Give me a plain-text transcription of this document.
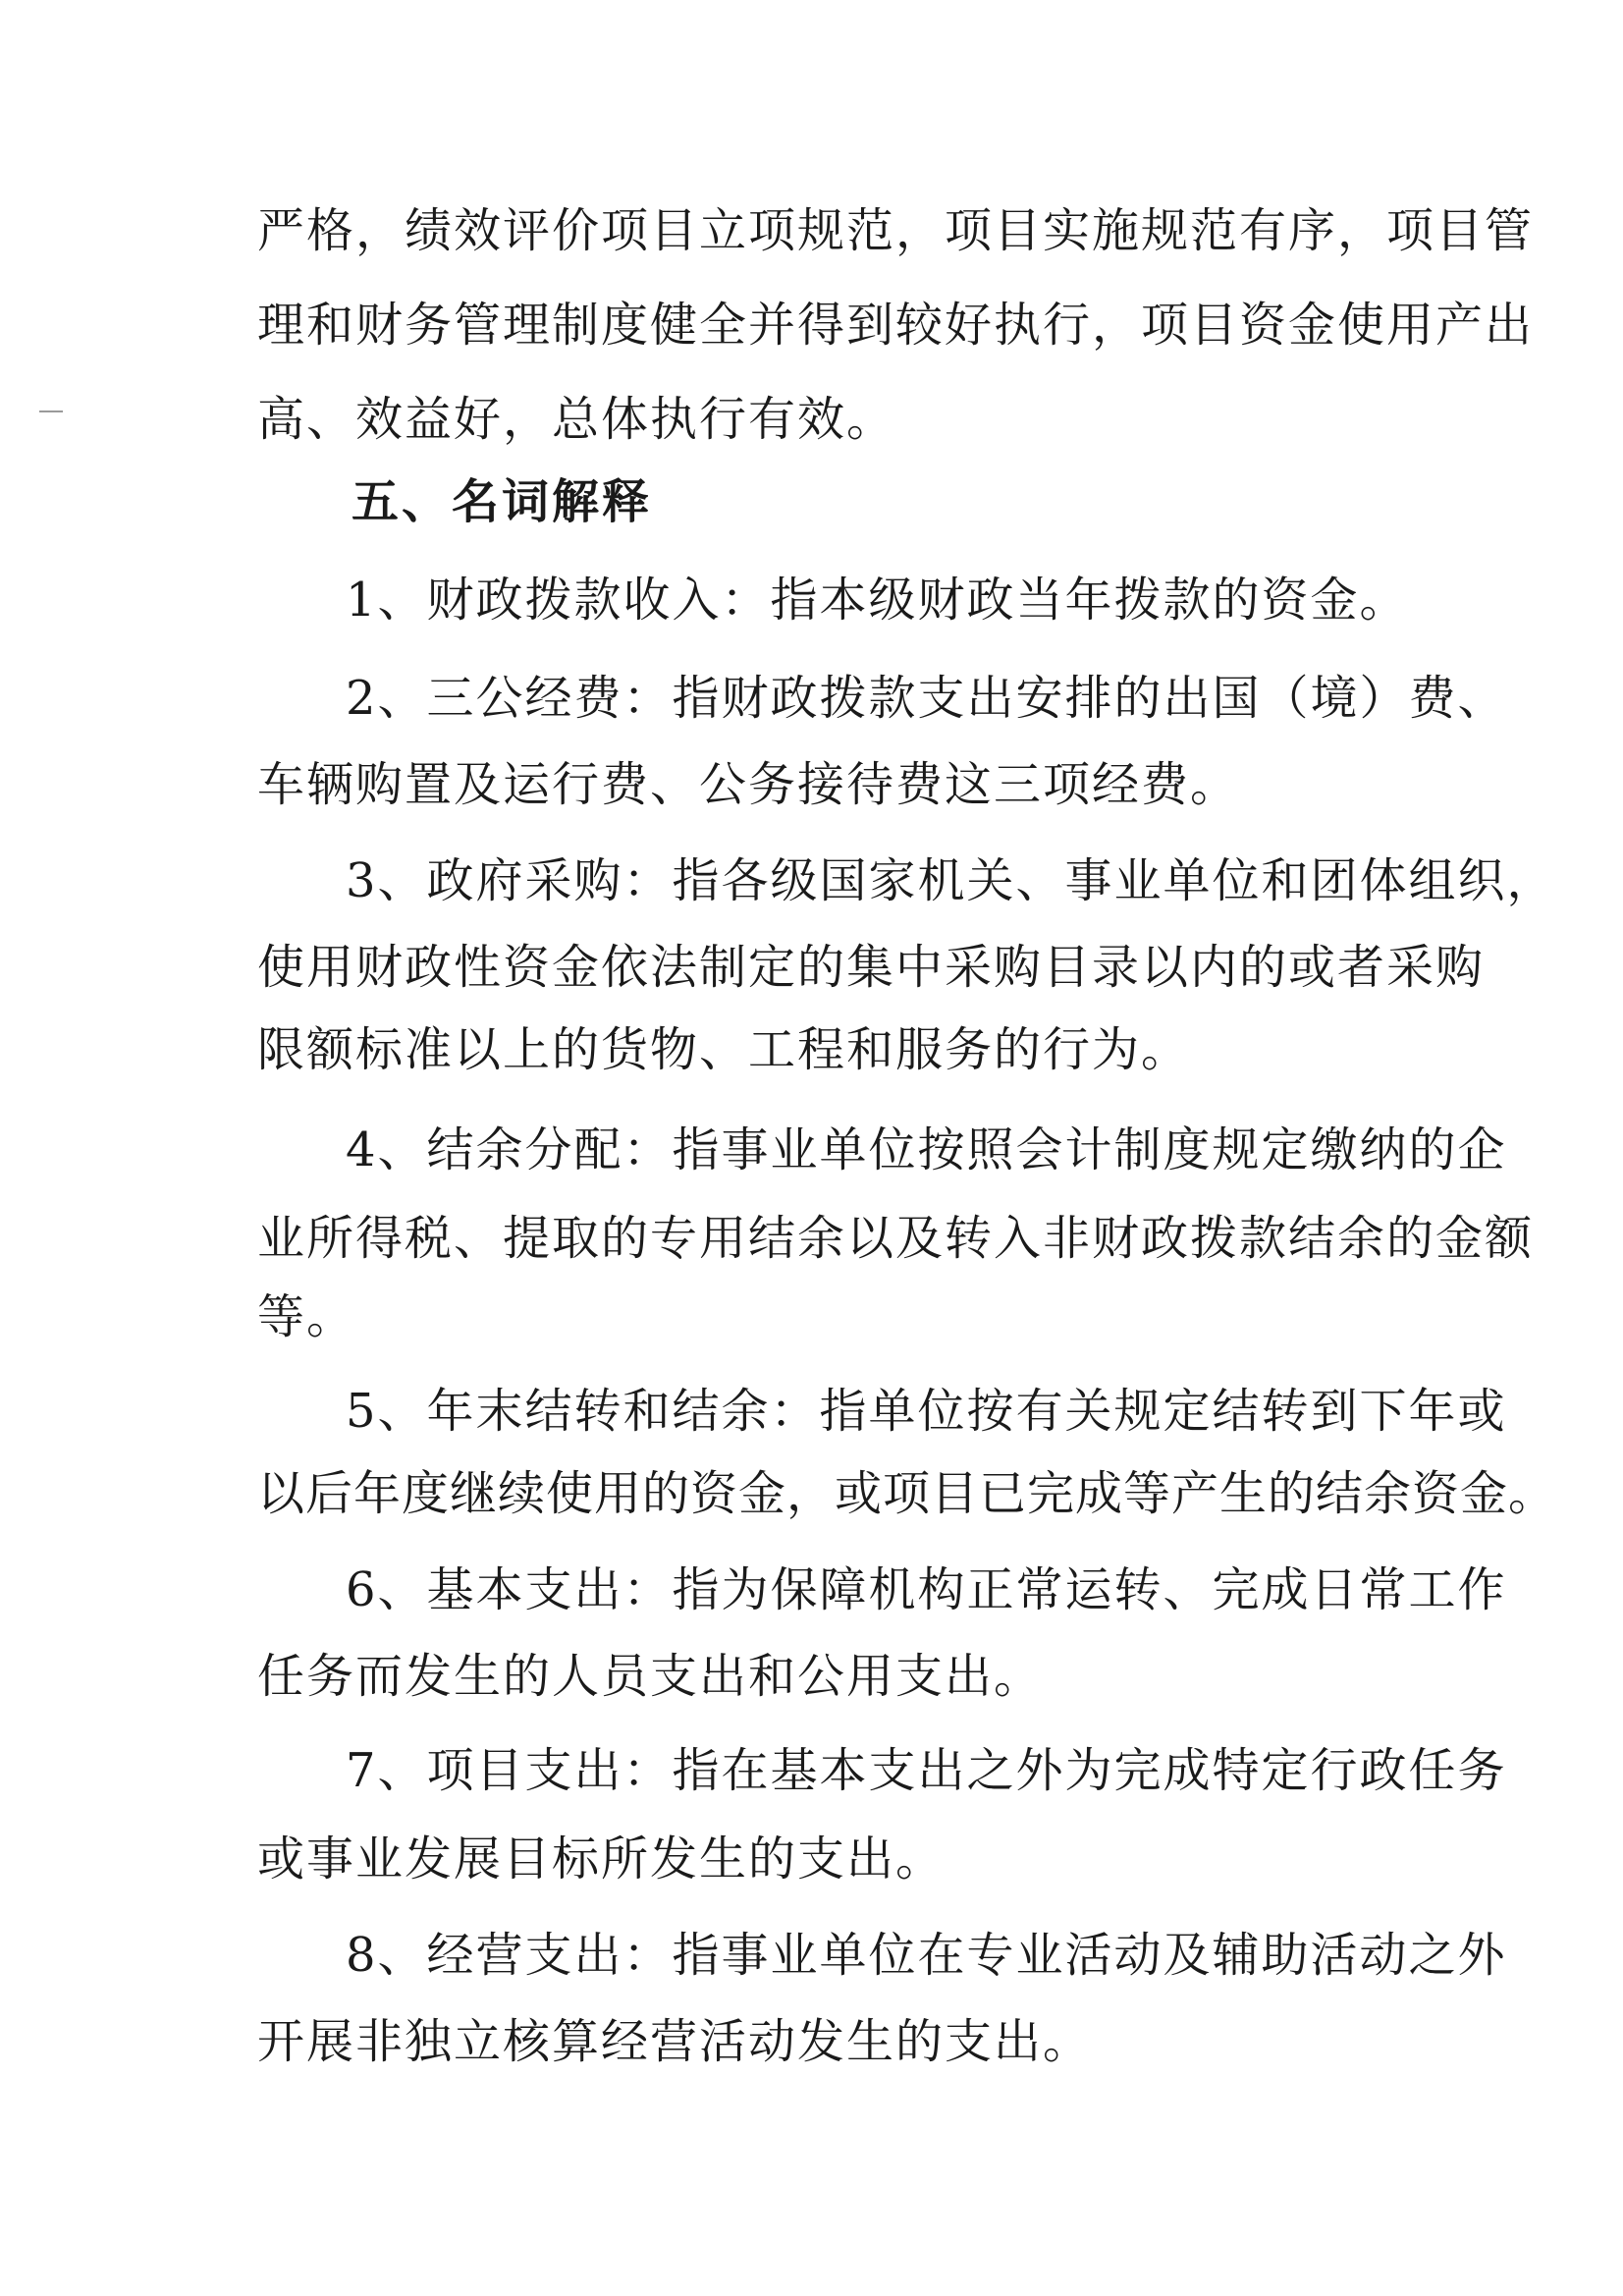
严格，绩效评价项目立项规范，项目实施规范有序，项目管
理和财务管理制度健全并得到较好执行，项目资金使用产出
高、效益好，总体执行有效。
五、名词解释
1、财政拨款收入：指本级财政当年拨款的资金。
2、三公经费：指财政拨款支出安排的出国（境）费、
车辆购置及运行费、公务接待费这三项经费。
3、政府采购：指各级国家机关、事业单位和团体组织，
使用财政性资金依法制定的集中采购目录以内的或者采购
限额标准以上的货物、工程和服务的行为。
4、结余分配：指事业单位按照会计制度规定缴纳的企
业所得税、提取的专用结余以及转入非财政拨款结余的金额
等。
5、年末结转和结余：指单位按有关规定结转到下年或
以后年度继续使用的资金，或项目已完成等产生的结余资金。
6、基本支出：指为保障机构正常运转、完成日常工作
任务而发生的人员支出和公用支出。
7、项目支出：指在基本支出之外为完成特定行政任务
或事业发展目标所发生的支出。
8、经营支出：指事业单位在专业活动及辅助活动之外
开展非独立核算经营活动发生的支出。
